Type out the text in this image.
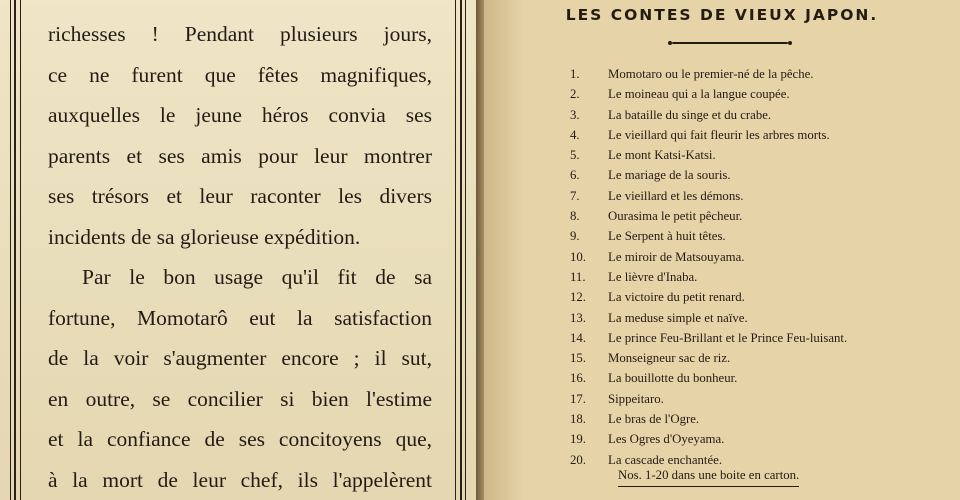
richesses ! Pendant plusieurs jours,
ce ne furent que fêtes magnifiques,
auxquelles le jeune héros convia ses
parents et ses amis pour leur montrer
ses trésors et leur raconter les divers
incidents de sa glorieuse expédition.

Par le bon usage qu'il fit de sa
fortune, Momotarô eut la satisfaction
de la voir s'augmenter encore ; il sut,
en outre, se concilier si bien l'estime
et la confiance de ses concitoyens que,
à la mort de leur chef, ils l'appelèrent

LES CONTES DE VIEUX JAPON.
1.	Momotaro ou le premier-né de la pêche.
2.	Le moineau qui a la langue coupée.
3.	La bataille du singe et du crabe.
4.	Le vieillard qui fait fleurir les arbres morts.
5.	Le mont Katsi-Katsi.
6.	Le mariage de la souris.
7.	Le vieillard et les démons.
8.	Ourasima le petit pêcheur.
9.	Le Serpent à huit têtes.
10.	Le miroir de Matsouyama.
11.	Le lièvre d'Inaba.
12.	La victoire du petit renard.
13.	La meduse simple et naïve.
14.	Le prince Feu-Brillant et le Prince Feu-luisant.
15.	Monseigneur sac de riz.
16.	La bouillotte du bonheur.
17.	Sippeitaro.
18.	Le bras de l'Ogre.
19.	Les Ogres d'Oyeyama.
20.	La cascade enchantée.
Nos. 1-20 dans une boite en carton.
